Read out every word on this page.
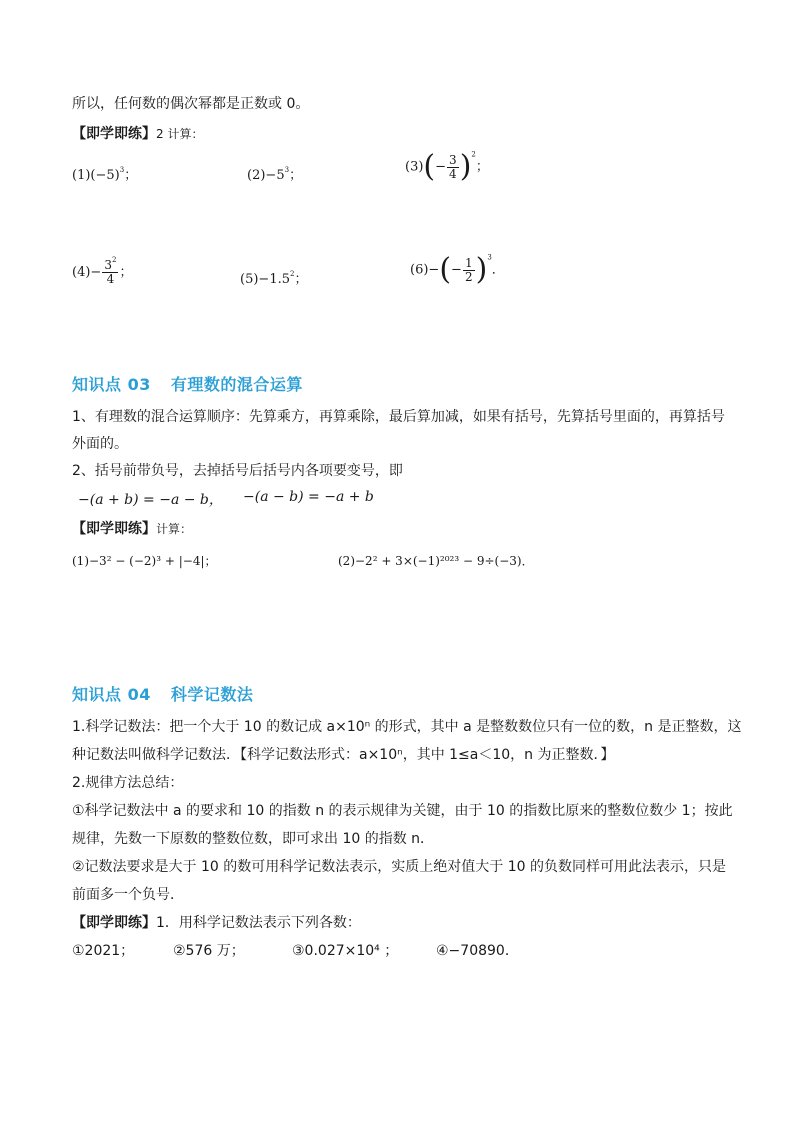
所以，任何数的偶次幂都是正数或 0。
【即学即练】2 计算：
$(1)(-5)^3$；	$(2)-5^3$；
$(3)(- \frac{3}{4} )^2$；
$(4)- \frac{3^2}{4}$ ；	$(5)-1.5^2$；
$(6)-(- \frac{1}{2} )^3$．
知识点 03 有理数的混合运算
1、有理数的混合运算顺序：先算乘方，再算乘除，最后算加减，如果有括号，先算括号里面的，再算括号
外面的。
2、括号前带负号，去掉括号后括号内各项要变号，即
−(a + b) = −a − b， −(a − b) = −a + b
【即学即练】计算：
(1)−3² − (−2)³ + |−4|；	(2)−2² + 3×(−1)²⁰²³ − 9÷(−3)．
知识点 04 科学记数法
1.科学记数法：把一个大于 10 的数记成 a×10ⁿ 的形式，其中 a 是整数数位只有一位的数，n 是正整数，这
种记数法叫做科学记数法．【科学记数法形式：a×10ⁿ，其中 1≤a＜10，n 为正整数．】
2.规律方法总结：
①科学记数法中 a 的要求和 10 的指数 n 的表示规律为关键，由于 10 的指数比原来的整数位数少 1；按此
规律，先数一下原数的整数位数，即可求出 10 的指数 n．
②记数法要求是大于 10 的数可用科学记数法表示，实质上绝对值大于 10 的负数同样可用此法表示，只是
前面多一个负号．
【即学即练】1．用科学记数法表示下列各数：
①2021；	②576 万；	③0.027×10⁴ ；	④−70890．
